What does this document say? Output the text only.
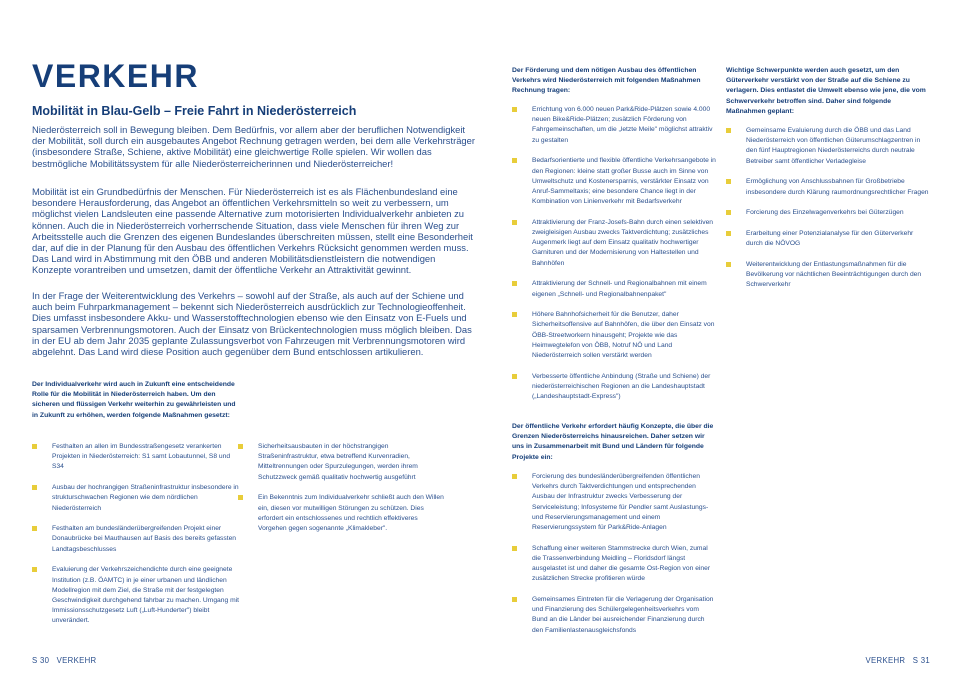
VERKEHR
Mobilität in Blau-Gelb – Freie Fahrt in Niederösterreich

Niederösterreich soll in Bewegung bleiben. Dem Bedürfnis, vor allem aber der beruflichen Notwendigkeit der Mobilität, soll durch ein ausgebautes Angebot Rechnung getragen werden, bei dem alle Verkehrsträger (insbesondere Straße, Schiene, aktive Mobilität) eine gleichwertige Rolle spielen. Wir wollen das bestmögliche Mobilitätssystem für alle Niederösterreicherinnen und Niederösterreicher!

Mobilität ist ein Grundbedürfnis der Menschen. Für Niederösterreich ist es als Flächenbundesland eine besondere Herausforderung, das Angebot an öffentlichen Verkehrsmitteln so weit zu verbessern, um möglichst vielen Landsleuten eine passende Alternative zum motorisierten Individualverkehr anbieten zu können. Auch die in Niederösterreich vorherrschende Situation, dass viele Menschen für ihren Weg zur Arbeitsstelle auch die Grenzen des eigenen Bundeslandes überschreiten müssen, stellt eine Besonderheit dar, auf die in der Planung für den Ausbau des öffentlichen Verkehrs Rücksicht genommen werden muss. Das Land wird in Abstimmung mit den ÖBB und anderen Mobilitätsdienstleistern die notwendigen Konzepte vorantreiben und umsetzen, damit der öffentliche Verkehr an Attraktivität gewinnt.

In der Frage der Weiterentwicklung des Verkehrs – sowohl auf der Straße, als auch auf der Schiene und auch beim Fuhrparkmanagement – bekennt sich Niederösterreich ausdrücklich zur Technologieoffenheit. Dies umfasst insbesondere Akku- und Wasserstofftechnologien ebenso wie den Einsatz von E-Fuels und sparsamen Verbrennungsmotoren. Auch der Einsatz von Brückentechnologien muss möglich bleiben. Das in der EU ab dem Jahr 2035 geplante Zulassungsverbot von Fahrzeugen mit Verbrennungsmotoren wird abgelehnt. Das Land wird diese Position auch gegenüber dem Bund entschlossen artikulieren.

Der Individualverkehr wird auch in Zukunft eine entscheidende Rolle für die Mobilität in Niederösterreich haben. Um den sicheren und flüssigen Verkehr weiterhin zu gewährleisten und in Zukunft zu erhöhen, werden folgende Maßnahmen gesetzt:
Festhalten an allen im Bundesstraßengesetz verankerten Projekten in Niederösterreich: S1 samt Lobautunnel, S8 und S34
Ausbau der hochrangigen Straßeninfrastruktur insbesondere in strukturschwachen Regionen wie dem nördlichen Niederösterreich
Festhalten am bundesländerübergreifenden Projekt einer Donaubrücke bei Mauthausen auf Basis des bereits gefassten Landtagsbeschlusses
Evaluierung der Verkehrszeichendichte durch eine geeignete Institution (z.B. ÖAMTC) in je einer urbanen und ländlichen Modellregion mit dem Ziel, die Straße mit der festgelegten Geschwindigkeit durchgehend fahrbar zu machen. Umgang mit Immissionsschutzgesetz Luft („Luft-Hunderter") bleibt unverändert.
Sicherheitsausbauten in der höchstrangigen Straßeninfrastruktur, etwa betreffend Kurvenradien, Mitteltrennungen oder Spurzulegungen, werden ihrem Schutzzweck gemäß qualitativ hochwertig ausgeführt
Ein Bekenntnis zum Individualverkehr schließt auch den Willen ein, diesen vor mutwilligen Störungen zu schützen. Dies erfordert ein entschlossenes und rechtlich effektiveres Vorgehen gegen sogenannte „Klimakleber".
S 30 VERKEHR
Der Förderung und dem nötigen Ausbau des öffentlichen Verkehrs wird Niederösterreich mit folgenden Maßnahmen Rechnung tragen:
Errichtung von 6.000 neuen Park&Ride-Plätzen sowie 4.000 neuen Bike&Ride-Plätzen; zusätzlich Förderung von Fahrgemeinschaften, um die „letzte Meile" möglichst attraktiv zu gestalten
Bedarfsorientierte und flexible öffentliche Verkehrsangebote in den Regionen: kleine statt großer Busse auch im Sinne von Umweltschutz und Kostenersparnis, verstärkter Einsatz von Anruf-Sammeltaxis; eine besondere Chance liegt in der Kombination von Linienverkehr mit Bedarfsverkehr
Attraktivierung der Franz-Josefs-Bahn durch einen selektiven zweigleisigen Ausbau zwecks Taktverdichtung; zusätzliches Augenmerk liegt auf dem Einsatz qualitativ hochwertiger Garnituren und der Modernisierung von Haltestellen und Bahnhöfen
Attraktivierung der Schnell- und Regionalbahnen mit einem eigenen „Schnell- und Regionalbahnenpaket"
Höhere Bahnhofsicherheit für die Benutzer, daher Sicherheitsoffensive auf Bahnhöfen, die über den Einsatz von ÖBB-Streetworkern hinausgeht; Projekte wie das Heimwegtelefon von ÖBB, Notruf NÖ und Land Niederösterreich sollen verstärkt werden
Verbesserte öffentliche Anbindung (Straße und Schiene) der niederösterreichischen Regionen an die Landeshauptstadt („Landeshauptstadt-Express")
Der öffentliche Verkehr erfordert häufig Konzepte, die über die Grenzen Niederösterreichs hinausreichen. Daher setzen wir uns in Zusammenarbeit mit Bund und Ländern für folgende Projekte ein:
Forcierung des bundesländerübergreifenden öffentlichen Verkehrs durch Taktverdichtungen und entsprechenden Ausbau der Infrastruktur zwecks Verbesserung der Serviceleistung; Infosysteme für Pendler samt Auslastungs- und Reservierungsmanagement und einem Reservierungssystem für Park&Ride-Anlagen
Schaffung einer weiteren Stammstrecke durch Wien, zumal die Trassenverbindung Meidling – Floridsdorf längst ausgelastet ist und daher die gesamte Ost-Region von einer zusätzlichen Strecke profitieren würde
Gemeinsames Eintreten für die Verlagerung der Organisation und Finanzierung des Schülergelegenheitsverkehrs vom Bund an die Länder bei ausreichender Finanzierung durch den Familienlastenausgleichsfonds
Wichtige Schwerpunkte werden auch gesetzt, um den Güterverkehr verstärkt von der Straße auf die Schiene zu verlagern. Dies entlastet die Umwelt ebenso wie jene, die vom Schwerverkehr betroffen sind. Daher sind folgende Maßnahmen geplant:
Gemeinsame Evaluierung durch die ÖBB und das Land Niederösterreich von öffentlichen Güterumschlagzentren in den fünf Hauptregionen Niederösterreichs durch neutrale Betreiber samt öffentlicher Verladegleise
Ermöglichung von Anschlussbahnen für Großbetriebe insbesondere durch Klärung raumordnungsrechtlicher Fragen
Forcierung des Einzelwagenverkehrs bei Güterzügen
Erarbeitung einer Potenzialanalyse für den Güterverkehr durch die NÖVOG
Weiterentwicklung der Entlastungsmaßnahmen für die Bevölkerung vor nächtlichen Beeinträchtigungen durch den Schwerverkehr
VERKEHR S 31
